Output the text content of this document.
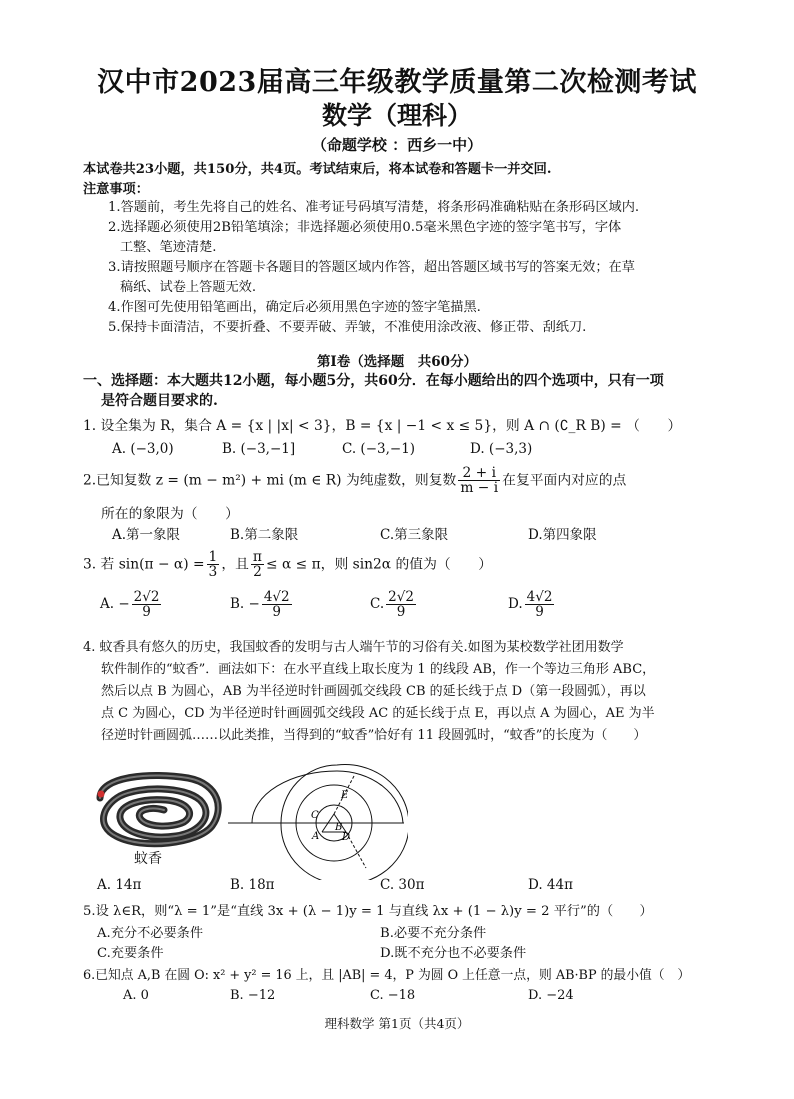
汉中市2023届高三年级教学质量第二次检测考试
数学（理科）
（命题学校 ：西乡一中）
本试卷共23小题，共150分，共4页。考试结束后，将本试卷和答题卡一并交回.
注意事项：
1.答题前，考生先将自己的姓名、准考证号码填写清楚，将条形码准确粘贴在条形码区域内.
2.选择题必须使用2B铅笔填涂；非选择题必须使用0.5毫米黑色字迹的签字笔书写，字体
工整、笔迹清楚.
3.请按照题号顺序在答题卡各题目的答题区域内作答，超出答题区域书写的答案无效；在草
稿纸、试卷上答题无效.
4.作图可先使用铅笔画出，确定后必须用黑色字迹的签字笔描黑.
5.保持卡面清洁，不要折叠、不要弄破、弄皱，不准使用涂改液、修正带、刮纸刀.
第Ⅰ卷（选择题　共60分）
一、选择题：本大题共12小题，每小题5分，共60分．在每小题给出的四个选项中，只有一项
是符合题目要求的.
1. 设全集为 R，集合 A = {x | |x| < 3}，B = {x | −1 < x ≤ 5}，则 A ∩ (∁_R B) = （　　）
A. (−3,0)	B. (−3,−1]	C. (−3,−1)	D. (−3,3)
2.已知复数 z = (m − m²) + mi (m ∈ R) 为纯虚数，则复数 $\frac{2 + i}{m - i}$ 在复平面内对应的点
所在的象限为（　　）
A.第一象限	B.第二象限	C.第三象限	D.第四象限
3. 若 $\sin(\pi - \alpha) = \frac{1}{3}$ ，且 $\frac{\pi}{2} \le \alpha \le \pi$，则 sin2α 的值为（　　）
A. − $\frac{2√2}{9}$	B. − $\frac{4√2}{9}$	C. $\frac{2√2}{9}$	D. $\frac{4√2}{9}$
4. 蚊香具有悠久的历史，我国蚊香的发明与古人端午节的习俗有关.如图为某校数学社团用数学
软件制作的“蚊香”．画法如下：在水平直线上取长度为 1 的线段 AB，作一个等边三角形 ABC，
然后以点 B 为圆心，AB 为半径逆时针画圆弧交线段 CB 的延长线于点 D（第一段圆弧），再以
点 C 为圆心，CD 为半径逆时针画圆弧交线段 AC 的延长线于点 E，再以点 A 为圆心，AE 为半
径逆时针画圆弧……以此类推，当得到的“蚊香”恰好有 11 段圆弧时，“蚊香”的长度为（　　）
蚊香
C
B
A D
E
A. 14π	B. 18π	C. 30π	D. 44π
5.设 λ∈R，则“λ = 1”是“直线 3x + (λ − 1)y = 1 与直线 λx + (1 − λ)y = 2 平行”的（　　）
A.充分不必要条件	B.必要不充分条件
C.充要条件	D.既不充分也不必要条件
6.已知点 A,B 在圆 O: x² + y² = 16 上，且 |AB| = 4，P 为圆 O 上任意一点，则 AB·BP 的最小值（　）
A. 0	B. −12	C. −18	D. −24
理科数学 第1页（共4页）
